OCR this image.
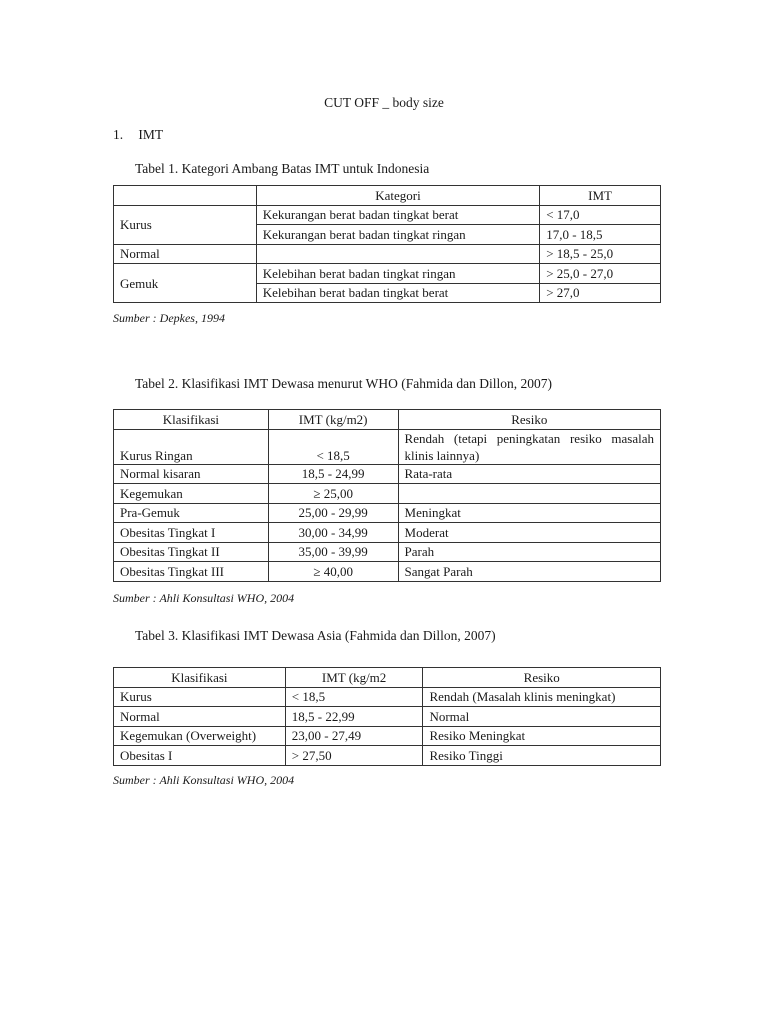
CUT OFF _ body size
1. IMT
Tabel 1. Kategori Ambang Batas IMT untuk Indonesia
	Kategori	IMT
Kurus	Kekurangan berat badan tingkat berat	< 17,0
	Kekurangan berat badan tingkat ringan	17,0 - 18,5
Normal		> 18,5 - 25,0
Gemuk	Kelebihan berat badan tingkat ringan	> 25,0 - 27,0
	Kelebihan berat badan tingkat berat	> 27,0
Sumber : Depkes, 1994
Tabel 2. Klasifikasi IMT Dewasa menurut WHO (Fahmida dan Dillon, 2007)
Klasifikasi	IMT (kg/m2)	Resiko
Kurus Ringan	< 18,5	Rendah (tetapi peningkatan resiko masalah klinis lainnya)
Normal kisaran	18,5 - 24,99	Rata-rata
Kegemukan	≥ 25,00	
Pra-Gemuk	25,00 - 29,99	Meningkat
Obesitas Tingkat I	30,00 - 34,99	Moderat
Obesitas Tingkat II	35,00 - 39,99	Parah
Obesitas Tingkat III	≥ 40,00	Sangat Parah
Sumber : Ahli Konsultasi WHO, 2004
Tabel 3. Klasifikasi IMT Dewasa Asia (Fahmida dan Dillon, 2007)
Klasifikasi	IMT (kg/m2	Resiko
Kurus	< 18,5	Rendah (Masalah klinis meningkat)
Normal	18,5 - 22,99	Normal
Kegemukan (Overweight)	23,00 - 27,49	Resiko Meningkat
Obesitas I	> 27,50	Resiko Tinggi
Sumber : Ahli Konsultasi WHO, 2004
